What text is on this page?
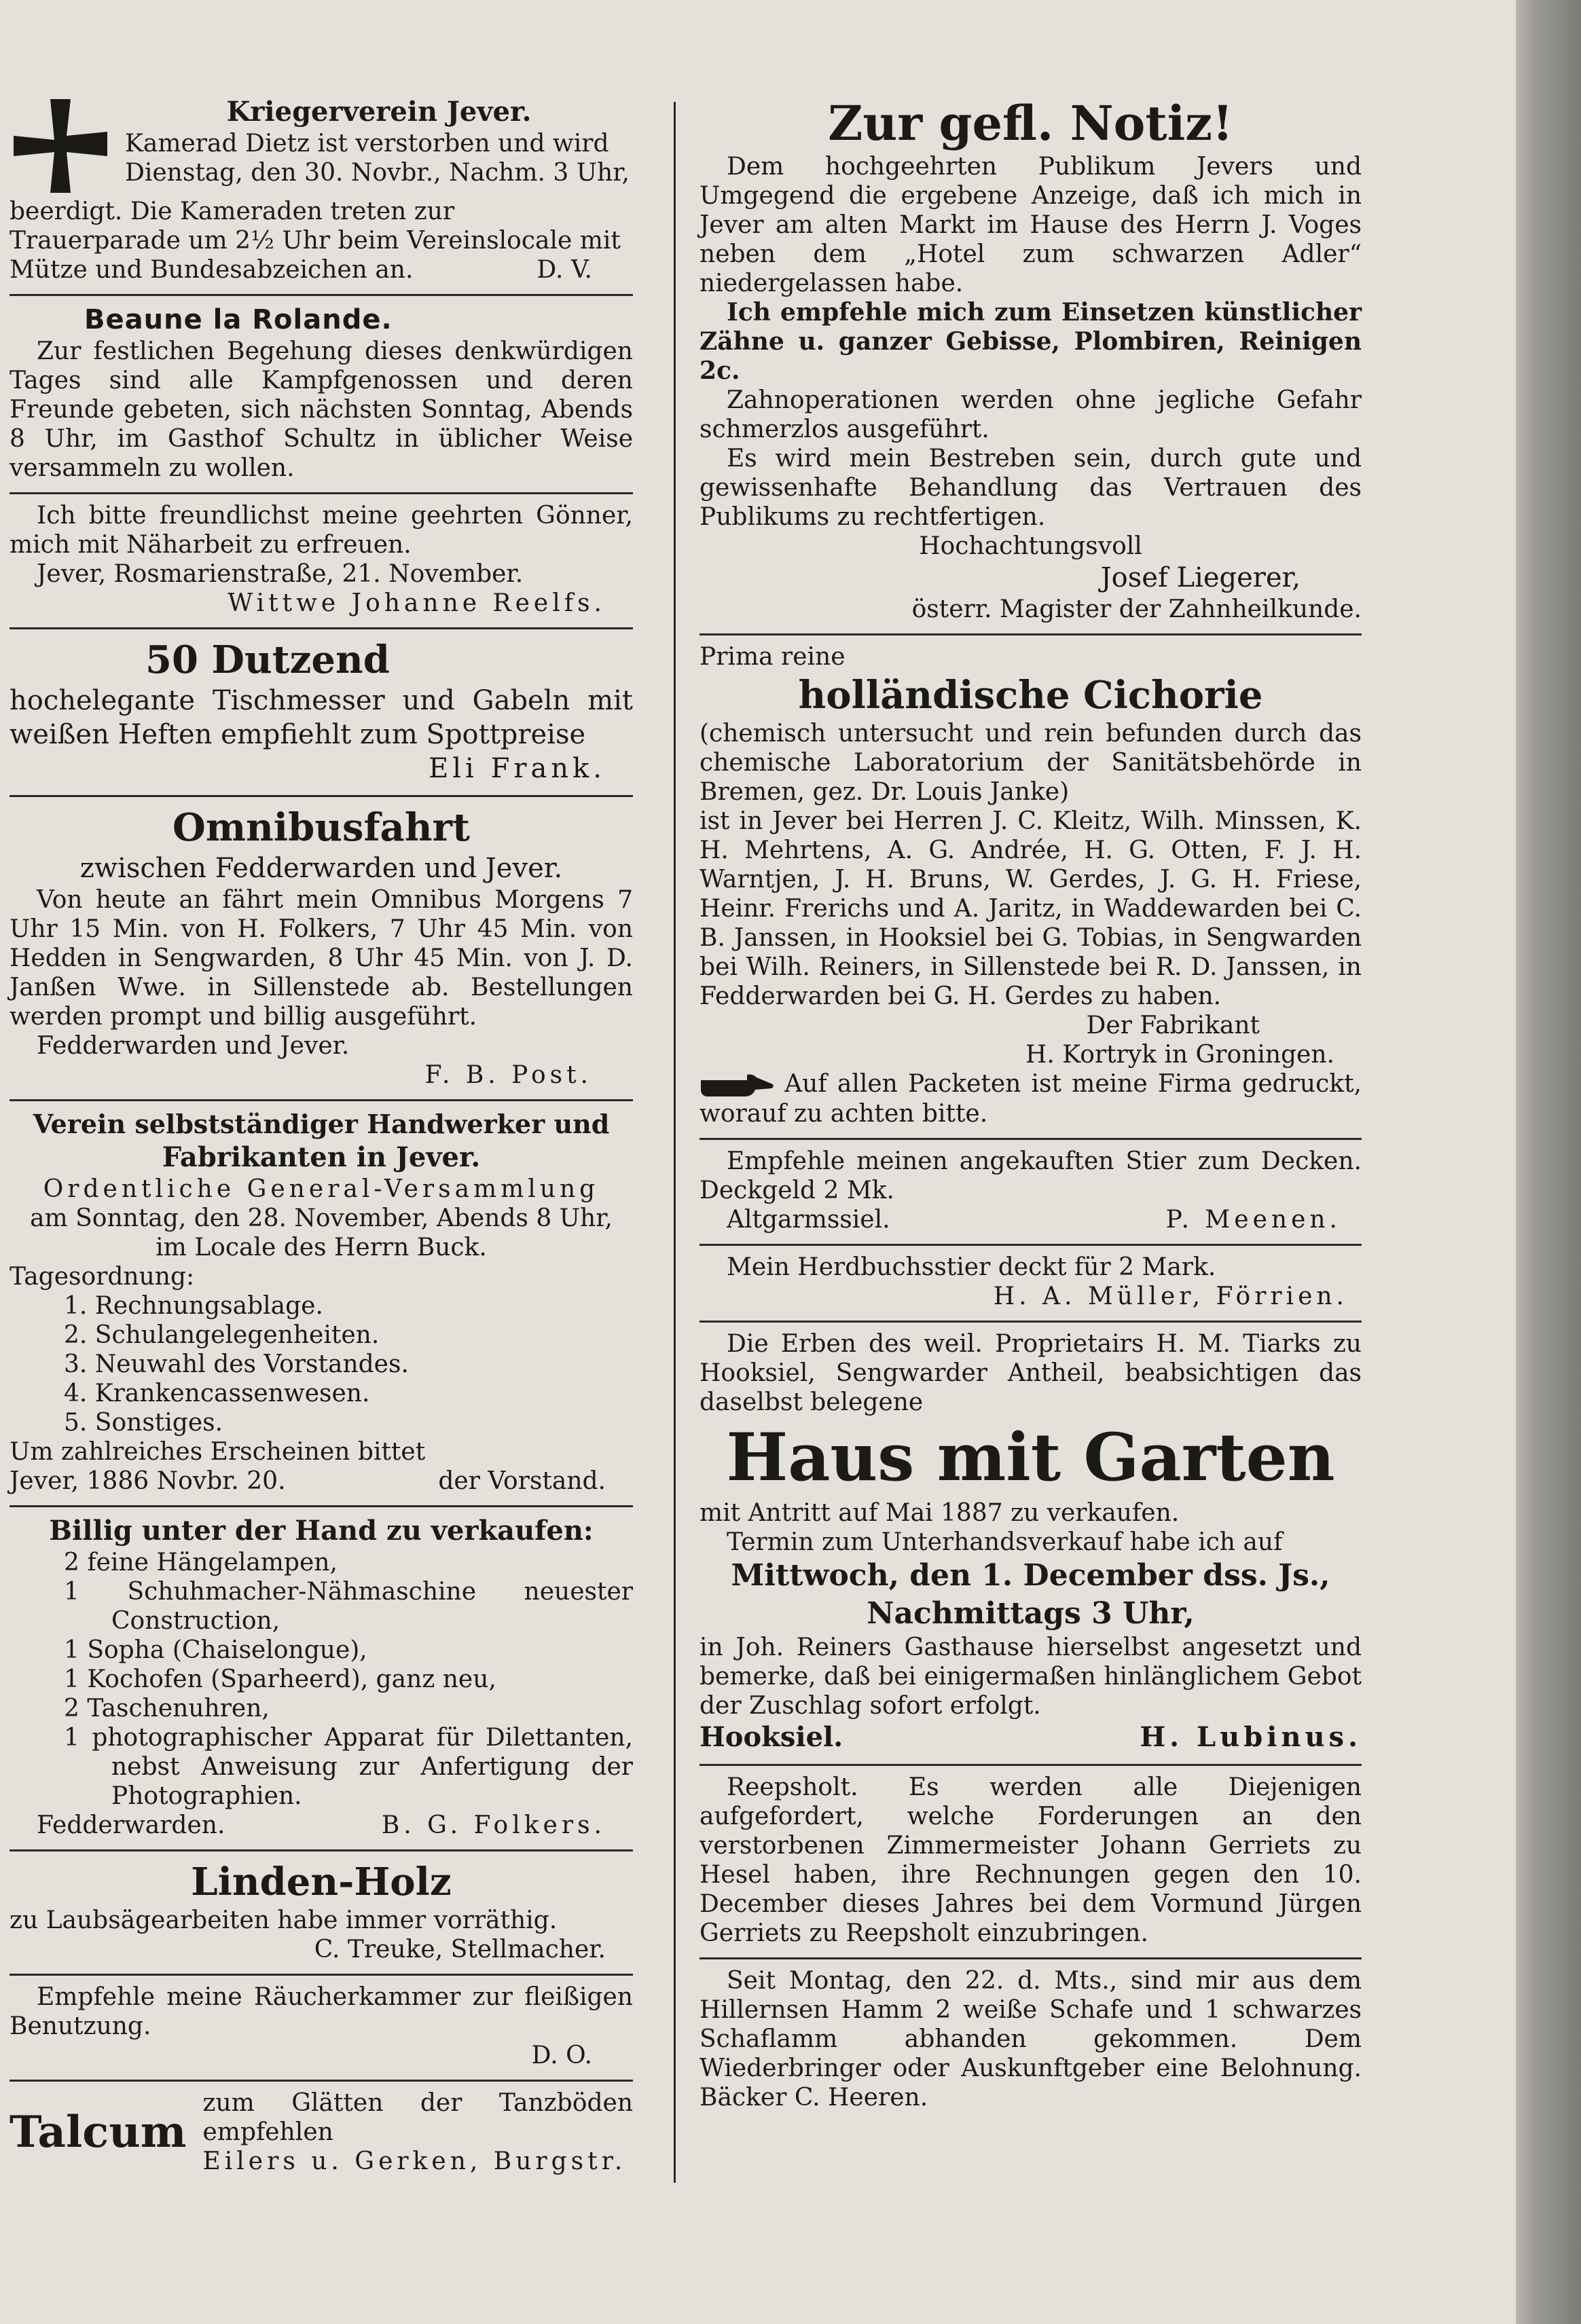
Kriegerverein Jever.

Kamerad Dietz ist verstorben und wird

Dienstag, den 30. Novbr., Nachm. 3 Uhr,

beerdigt. Die Kameraden treten zur

Trauerparade um 2½ Uhr beim Vereinslocale mit

Mütze und Bundesabzeichen an.	D. V.

Beaune la Rolande.

Zur festlichen Begehung dieses denkwürdigen Tages sind alle Kampfgenossen und deren Freunde gebeten, sich nächsten Sonntag, Abends 8 Uhr, im Gasthof Schultz in üblicher Weise versammeln zu wollen.

Ich bitte freundlichst meine geehrten Gönner, mich mit Näharbeit zu erfreuen.

Jever, Rosmarienstraße, 21. November.

Wittwe Johanne Reelfs.

50 Dutzend

hochelegante Tischmesser und Gabeln mit weißen Heften empfiehlt zum Spottpreise

Eli Frank.

Omnibusfahrt

zwischen Fedderwarden und Jever.

Von heute an fährt mein Omnibus Morgens 7 Uhr 15 Min. von H. Folkers, 7 Uhr 45 Min. von Hedden in Sengwarden, 8 Uhr 45 Min. von J. D. Janßen Wwe. in Sillenstede ab. Bestellungen werden prompt und billig ausgeführt.

Fedderwarden und Jever.

F. B. Post.

Verein selbstständiger Handwerker und

Fabrikanten in Jever.

Ordentliche General-Versammlung

am Sonntag, den 28. November, Abends 8 Uhr,

im Locale des Herrn Buck.

Tagesordnung:

1. Rechnungsablage.

2. Schulangelegenheiten.

3. Neuwahl des Vorstandes.

4. Krankencassenwesen.

5. Sonstiges.

Um zahlreiches Erscheinen bittet

Jever, 1886 Novbr. 20.	der Vorstand.

Billig unter der Hand zu verkaufen:

2 feine Hängelampen,

1 Schuhmacher-Nähmaschine neuester Construction,

1 Sopha (Chaiselongue),

1 Kochofen (Sparheerd), ganz neu,

2 Taschenuhren,

1 photographischer Apparat für Dilettanten, nebst Anweisung zur Anfertigung der Photographien.

Fedderwarden.	B. G. Folkers.

Linden-Holz

zu Laubsägearbeiten habe immer vorräthig.

C. Treuke, Stellmacher.

Empfehle meine Räucherkammer zur fleißigen Benutzung.

D. O.

Talcum

zum Glätten der Tanzböden empfehlen

Eilers u. Gerken, Burgstr.

Zur gefl. Notiz!

Dem hochgeehrten Publikum Jevers und Umgegend die ergebene Anzeige, daß ich mich in Jever am alten Markt im Hause des Herrn J. Voges neben dem „Hotel zum schwarzen Adler“ niedergelassen habe.

Ich empfehle mich zum Einsetzen künstlicher Zähne u. ganzer Gebisse, Plombiren, Reinigen 2c.

Zahnoperationen werden ohne jegliche Gefahr schmerzlos ausgeführt.

Es wird mein Bestreben sein, durch gute und gewissenhafte Behandlung das Vertrauen des Publikums zu rechtfertigen.

Hochachtungsvoll

Josef Liegerer,

österr. Magister der Zahnheilkunde.

Prima reine

holländische Cichorie

(chemisch untersucht und rein befunden durch das chemische Laboratorium der Sanitätsbehörde in Bremen, gez. Dr. Louis Janke)

ist in Jever bei Herren J. C. Kleitz, Wilh. Minssen, K. H. Mehrtens, A. G. Andrée, H. G. Otten, F. J. H. Warntjen, J. H. Bruns, W. Gerdes, J. G. H. Friese, Heinr. Frerichs und A. Jaritz, in Waddewarden bei C. B. Janssen, in Hooksiel bei G. Tobias, in Sengwarden bei Wilh. Reiners, in Sillenstede bei R. D. Janssen, in Fedderwarden bei G. H. Gerdes zu haben.

Der Fabrikant

H. Kortryk in Groningen.

Auf allen Packeten ist meine Firma gedruckt, worauf zu achten bitte.

Empfehle meinen angekauften Stier zum Decken. Deckgeld 2 Mk.

Altgarmssiel.	P. Meenen.

Mein Herdbuchsstier deckt für 2 Mark.

H. A. Müller, Förrien.

Die Erben des weil. Proprietairs H. M. Tiarks zu Hooksiel, Sengwarder Antheil, beabsichtigen das daselbst belegene

Haus mit Garten

mit Antritt auf Mai 1887 zu verkaufen.

Termin zum Unterhandsverkauf habe ich auf

Mittwoch, den 1. December dss. Js.,

Nachmittags 3 Uhr,

in Joh. Reiners Gasthause hierselbst angesetzt und bemerke, daß bei einigermaßen hinlänglichem Gebot der Zuschlag sofort erfolgt.

Hooksiel.	H. Lubinus.

Reepsholt. Es werden alle Diejenigen aufgefordert, welche Forderungen an den verstorbenen Zimmermeister Johann Gerriets zu Hesel haben, ihre Rechnungen gegen den 10. December dieses Jahres bei dem Vormund Jürgen Gerriets zu Reepsholt einzubringen.

Seit Montag, den 22. d. Mts., sind mir aus dem Hillernsen Hamm 2 weiße Schafe und 1 schwarzes Schaflamm abhanden gekommen. Dem Wiederbringer oder Auskunftgeber eine Belohnung. Bäcker C. Heeren.
